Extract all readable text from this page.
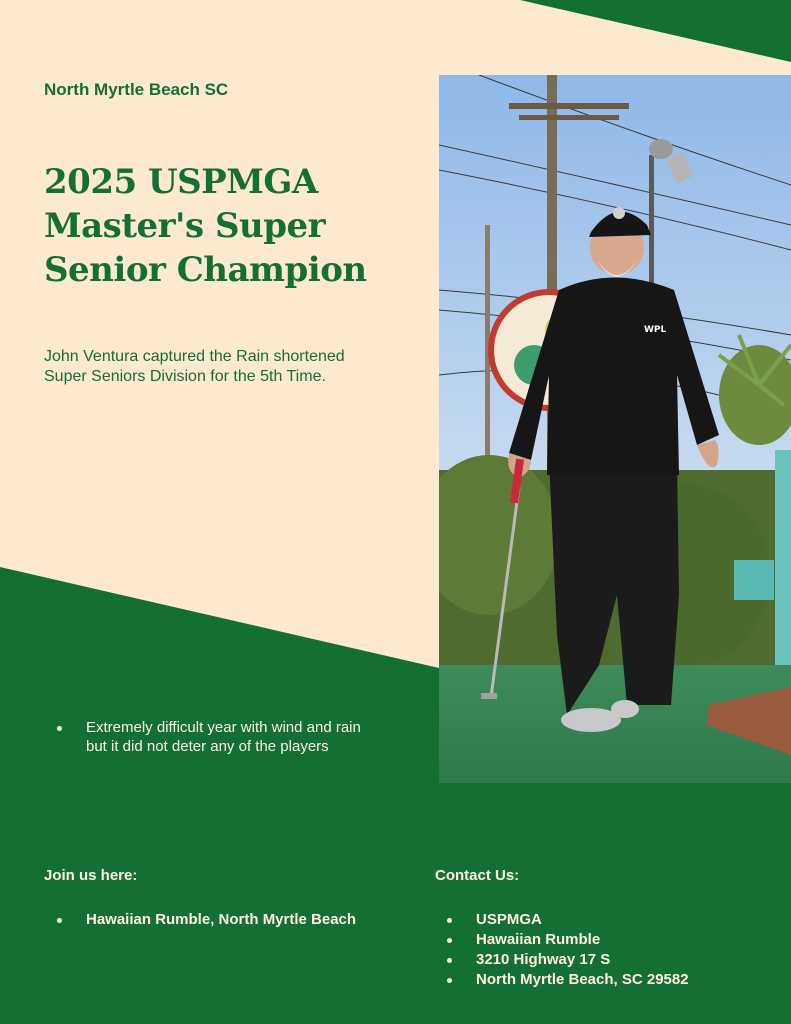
North Myrtle Beach SC
2025 USPMGA
Master's Super
Senior Champion

John Ventura captured the Rain shortened Super Seniors Division for the 5th Time.

WPL
Extremely difficult year with wind and rain but it did not deter any of the players
Join us here:
Hawaiian Rumble, North Myrtle Beach
Contact Us:
USPMGA
Hawaiian Rumble
3210 Highway 17 S
North Myrtle Beach, SC 29582
